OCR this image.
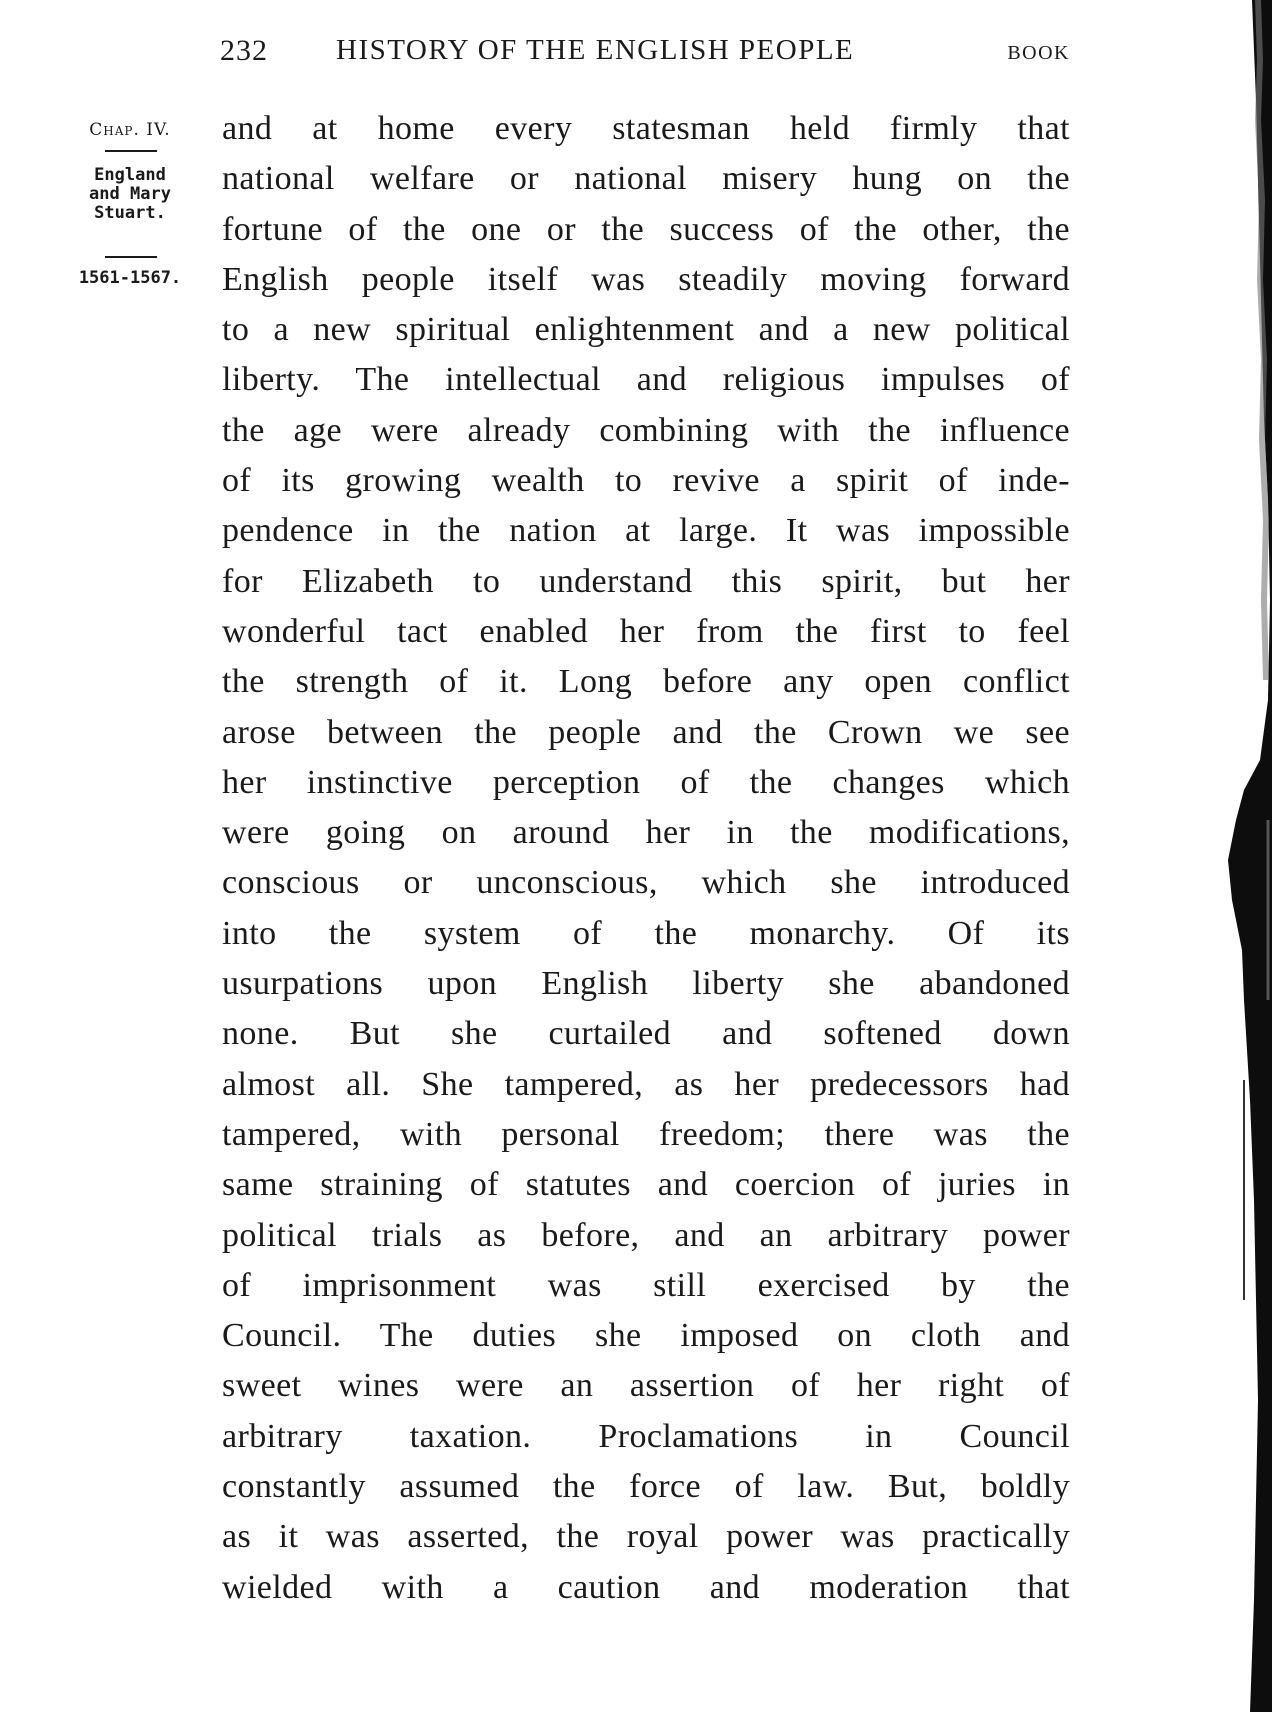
232 HISTORY OF THE ENGLISH PEOPLE	BOOK
Chap. IV.
England
and Mary
Stuart.
1561-1567.
and at home every statesman held firmly that
national welfare or national misery hung on the
fortune of the one or the success of the other, the
English people itself was steadily moving forward
to a new spiritual enlightenment and a new political
liberty. The intellectual and religious impulses of
the age were already combining with the influence
of its growing wealth to revive a spirit of inde-
pendence in the nation at large. It was impossible
for Elizabeth to understand this spirit, but her
wonderful tact enabled her from the first to feel
the strength of it. Long before any open conflict
arose between the people and the Crown we see
her instinctive perception of the changes which
were going on around her in the modifications,
conscious or unconscious, which she introduced
into the system of the monarchy. Of its
usurpations upon English liberty she abandoned
none. But she curtailed and softened down
almost all. She tampered, as her predecessors had
tampered, with personal freedom; there was the
same straining of statutes and coercion of juries in
political trials as before, and an arbitrary power
of imprisonment was still exercised by the
Council. The duties she imposed on cloth and
sweet wines were an assertion of her right of
arbitrary taxation. Proclamations in Council
constantly assumed the force of law. But, boldly
as it was asserted, the royal power was practically
wielded with a caution and moderation that
